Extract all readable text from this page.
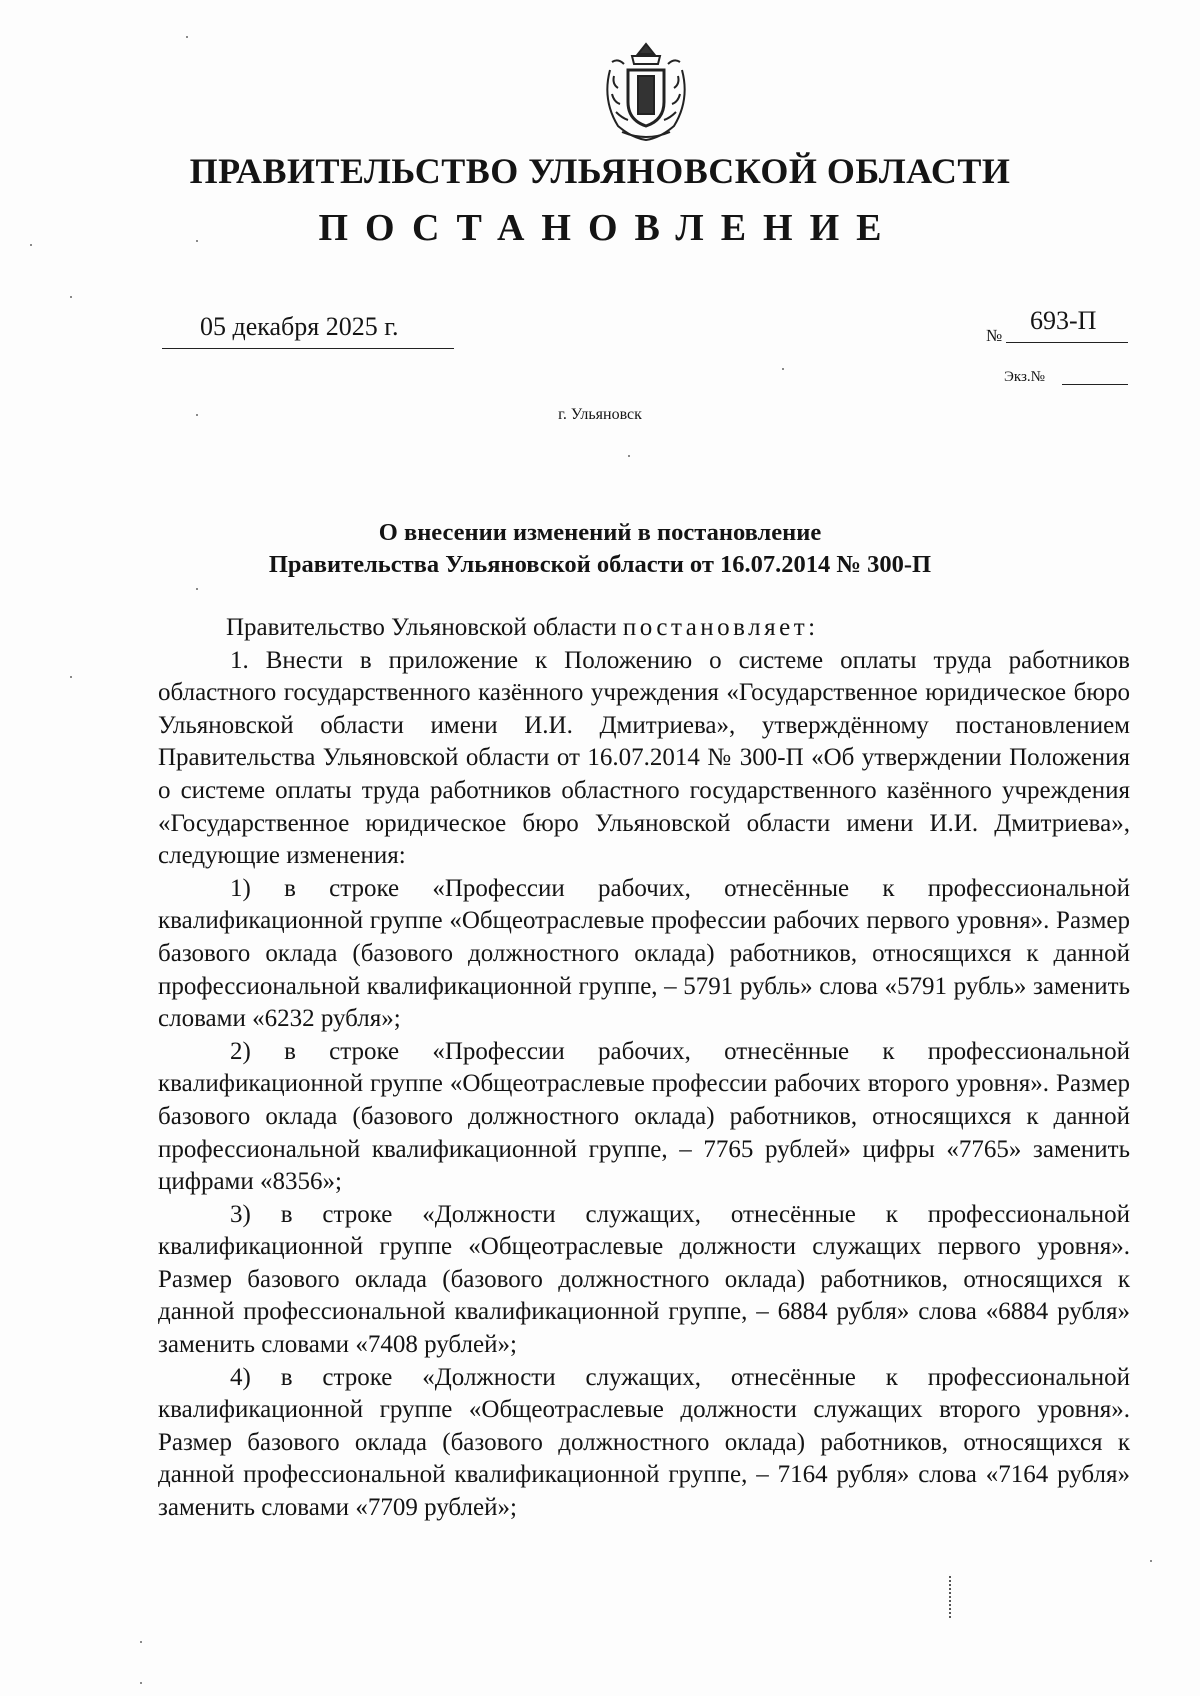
ПРАВИТЕЛЬСТВО УЛЬЯНОВСКОЙ ОБЛАСТИ
ПОСТАНОВЛЕНИЕ
05 декабря 2025 г.	№
693-П
Экз.№
г. Ульяновск
О внесении изменений в постановление
Правительства Ульяновской области от 16.07.2014 № 300-П

Правительство Ульяновской области постановляет:

1. Внести в приложение к Положению о системе оплаты труда работников областного государственного казённого учреждения «Государственное юридическое бюро Ульяновской области имени И.И. Дмитриева», утверждённому постановлением Правительства Ульяновской области от 16.07.2014 № 300-П «Об утверждении Положения о системе оплаты труда работников областного государственного казённого учреждения «Государственное юридическое бюро Ульяновской области имени И.И. Дмитриева», следующие изменения:

1) в строке «Профессии рабочих, отнесённые к профессиональной квалификационной группе «Общеотраслевые профессии рабочих первого уровня». Размер базового оклада (базового должностного оклада) работников, относящихся к данной профессиональной квалификационной группе, – 5791 рубль» слова «5791 рубль» заменить словами «6232 рубля»;

2) в строке «Профессии рабочих, отнесённые к профессиональной квалификационной группе «Общеотраслевые профессии рабочих второго уровня». Размер базового оклада (базового должностного оклада) работников, относящихся к данной профессиональной квалификационной группе, – 7765 рублей» цифры «7765» заменить цифрами «8356»;

3) в строке «Должности служащих, отнесённые к профессиональной квалификационной группе «Общеотраслевые должности служащих первого уровня». Размер базового оклада (базового должностного оклада) работников, относящихся к данной профессиональной квалификационной группе, – 6884 рубля» слова «6884 рубля» заменить словами «7408 рублей»;

4) в строке «Должности служащих, отнесённые к профессиональной квалификационной группе «Общеотраслевые должности служащих второго уровня». Размер базового оклада (базового должностного оклада) работников, относящихся к данной профессиональной квалификационной группе, – 7164 рубля» слова «7164 рубля» заменить словами «7709 рублей»;
